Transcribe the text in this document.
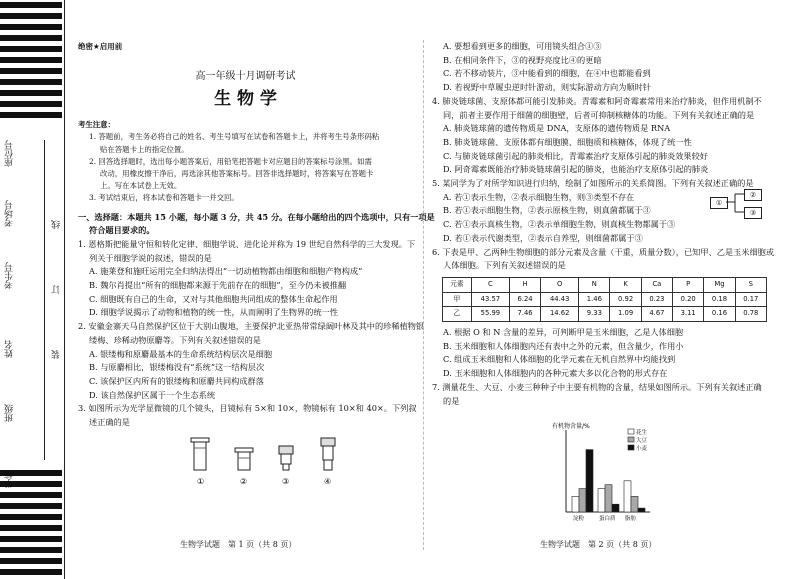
座位号
考场号	线
考生号
订
姓名	装
班级
学校
绝密★启用前
高一年级十月调研考试
生 物 学
考生注意：
1. 答题前，考生务必将自己的姓名、考生号填写在试卷和答题卡上，并将考生号条形码粘
贴在答题卡上的指定位置。
2. 回答选择题时，选出每小题答案后，用铅笔把答题卡对应题目的答案标号涂黑。如需
改动，用橡皮擦干净后，再选涂其他答案标号。回答非选择题时，将答案写在答题卡
上。写在本试卷上无效。
3. 考试结束后，将本试卷和答题卡一并交回。
一、选择题：本题共 15 小题，每小题 3 分，共 45 分。在每小题给出的四个选项中，只有一项是
符合题目要求的。
1. 恩格斯把能量守恒和转化定律、细胞学说、进化论并称为 19 世纪自然科学的三大发现。下
列关于细胞学说的叙述，错误的是
A. 施莱登和施旺运用完全归纳法得出“一切动植物都由细胞和细胞产物构成”
B. 魏尔肖提出“所有的细胞都来源于先前存在的细胞”，至今仍未被推翻
C. 细胞既有自己的生命，又对与其他细胞共同组成的整体生命起作用
D. 细胞学说揭示了动物和植物的统一性，从而阐明了生物界的统一性
2. 安徽金寨天马自然保护区位于大别山腹地，主要保护北亚热带常绿阔叶林及其中的珍稀植物银
缕梅、珍稀动物原麝等。下列有关叙述错误的是
A. 银缕梅和原麝最基本的生命系统结构层次是细胞
B. 与原麝相比，银缕梅没有“系统”这一结构层次
C. 该保护区内所有的银缕梅和原麝共同构成群落
D. 该自然保护区属于一个生态系统
3. 如图所示为光学显微镜的几个镜头，目镜标有 5×和 10×，物镜标有 10×和 40×。下列叙
述正确的是
①	②	③	④
生物学试题　第 1 页（共 8 页）
A. 要想看到更多的细胞，可用镜头组合①③
B. 在相同条件下，③的视野亮度比④的更暗
C. 若不移动装片，③中能看到的细胞，在④中也都能看到
D. 若视野中草履虫逆时针游动，则实际游动方向为顺时针
4. 肺炎链球菌、支原体都可能引发肺炎。青霉素和阿奇霉素常用来治疗肺炎，但作用机制不
同，前者主要作用于细菌的细胞壁，后者可抑制核糖体的功能。下列有关叙述正确的是
A. 肺炎链球菌的遗传物质是 DNA，支原体的遗传物质是 RNA
B. 肺炎链球菌、支原体都有细胞膜、细胞质和核糖体，体现了统一性
C. 与肺炎链球菌引起的肺炎相比，青霉素治疗支原体引起的肺炎效果较好
D. 阿奇霉素既能治疗肺炎链球菌引起的肺炎，也能治疗支原体引起的肺炎
5. 某同学为了对所学知识进行归纳，绘制了如图所示的关系简图。下列有关叙述正确的是
A. 若①表示生物，②表示细胞生物，则③类型不存在
B. 若①表示细胞生物，②表示原核生物，则真菌都属于③
C. 若①表示真核生物，②表示单细胞生物，则真核生物都属于③
D. 若①表示代谢类型，②表示自养型，则细菌都属于③
①
②
③
6. 下表是甲、乙两种生物细胞的部分元素及含量（干重，质量分数），已知甲、乙是玉米细胞或
人体细胞。下列有关叙述错误的是
元素	C	H	O	N	K	Ca	P	Mg	S
甲	43.57	6.24	44.43	1.46	0.92	0.23	0.20	0.18	0.17
乙	55.99	7.46	14.62	9.33	1.09	4.67	3.11	0.16	0.78
A. 根据 O 和 N 含量的差异，可判断甲是玉米细胞，乙是人体细胞
B. 玉米细胞和人体细胞内还有表中之外的元素，但含量少，作用小
C. 组成玉米细胞和人体细胞的化学元素在无机自然界中均能找到
D. 玉米细胞和人体细胞内的各种元素大多以化合物的形式存在
7. 测量花生、大豆、小麦三种种子中主要有机物的含量，结果如图所示。下列有关叙述正确
的是
有机物含量/%
淀粉	蛋白质 脂肪
花生
大豆
小麦
生物学试题　第 2 页（共 8 页）
